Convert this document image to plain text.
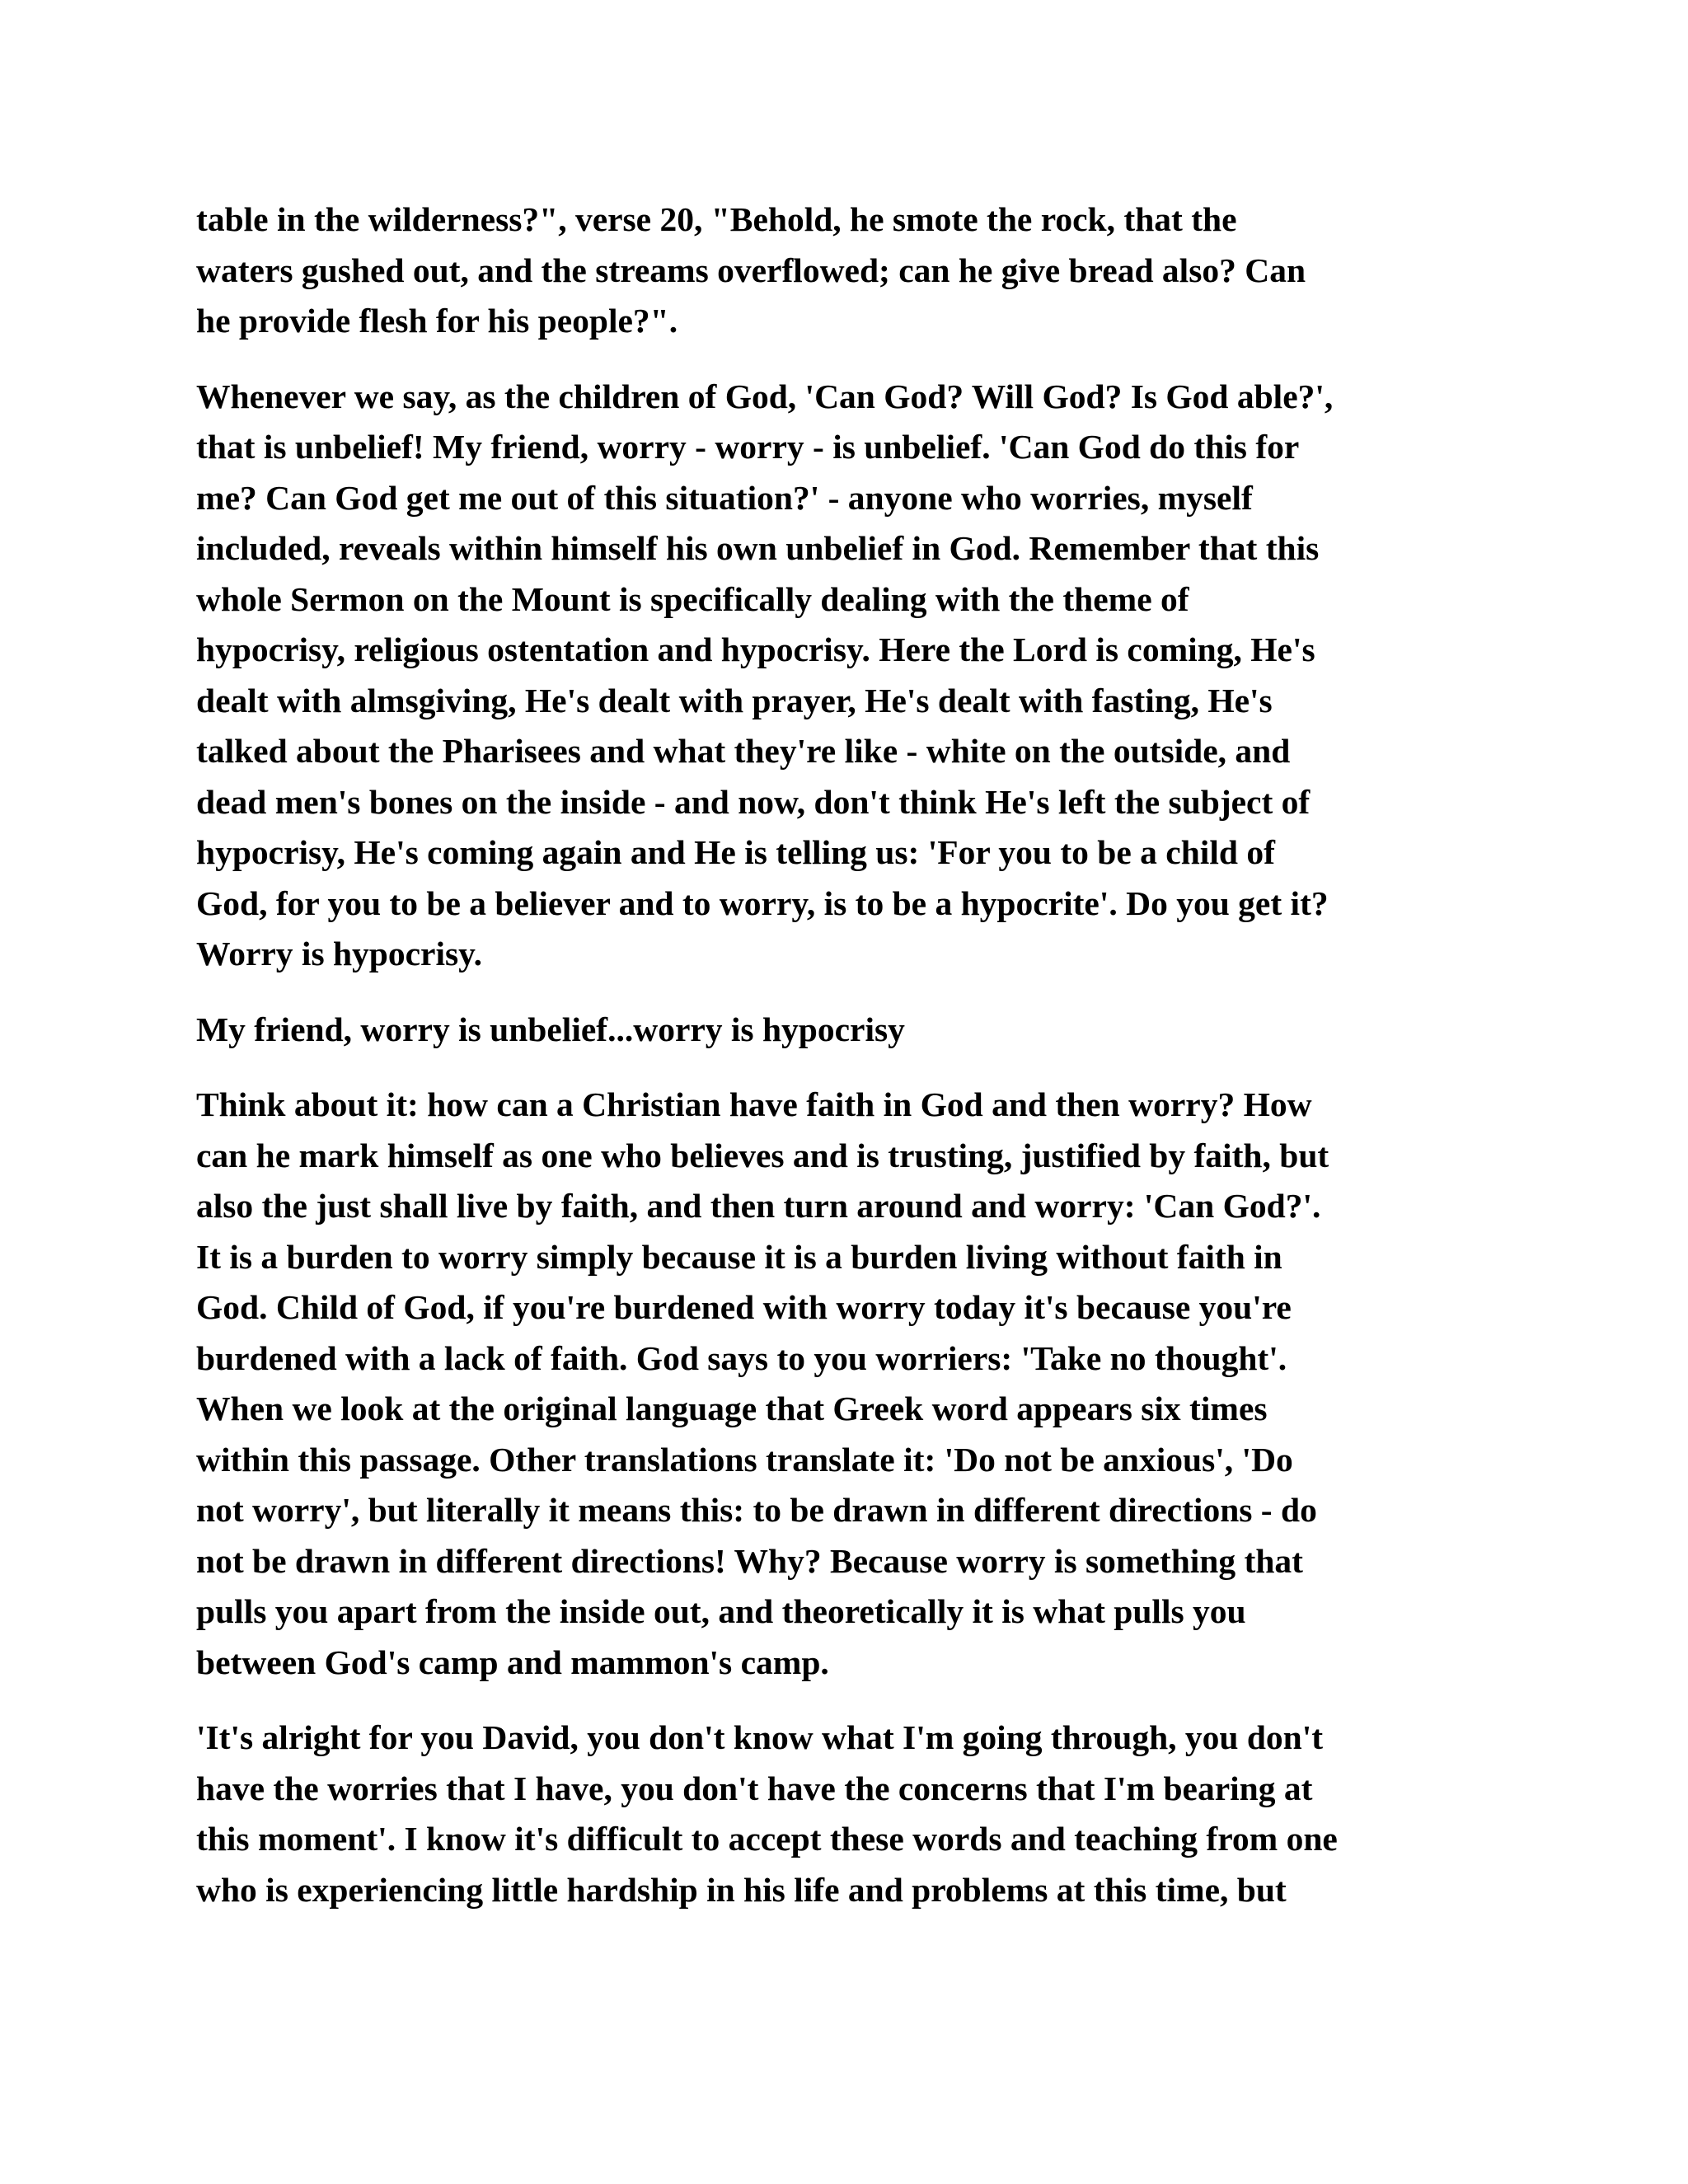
table in the wilderness?", verse 20, "Behold, he smote the rock, that the
waters gushed out, and the streams overflowed; can he give bread also? Can
he provide flesh for his people?".

Whenever we say, as the children of God, 'Can God? Will God? Is God able?',
that is unbelief! My friend, worry - worry - is unbelief. 'Can God do this for
me? Can God get me out of this situation?' - anyone who worries, myself
included, reveals within himself his own unbelief in God. Remember that this
whole Sermon on the Mount is specifically dealing with the theme of
hypocrisy, religious ostentation and hypocrisy. Here the Lord is coming, He's
dealt with almsgiving, He's dealt with prayer, He's dealt with fasting, He's
talked about the Pharisees and what they're like - white on the outside, and
dead men's bones on the inside - and now, don't think He's left the subject of
hypocrisy, He's coming again and He is telling us: 'For you to be a child of
God, for you to be a believer and to worry, is to be a hypocrite'. Do you get it?
Worry is hypocrisy.

My friend, worry is unbelief...worry is hypocrisy

Think about it: how can a Christian have faith in God and then worry? How
can he mark himself as one who believes and is trusting, justified by faith, but
also the just shall live by faith, and then turn around and worry: 'Can God?'.
It is a burden to worry simply because it is a burden living without faith in
God. Child of God, if you're burdened with worry today it's because you're
burdened with a lack of faith. God says to you worriers: 'Take no thought'.
When we look at the original language that Greek word appears six times
within this passage. Other translations translate it: 'Do not be anxious', 'Do
not worry', but literally it means this: to be drawn in different directions - do
not be drawn in different directions! Why? Because worry is something that
pulls you apart from the inside out, and theoretically it is what pulls you
between God's camp and mammon's camp.

'It's alright for you David, you don't know what I'm going through, you don't
have the worries that I have, you don't have the concerns that I'm bearing at
this moment'. I know it's difficult to accept these words and teaching from one
who is experiencing little hardship in his life and problems at this time, but
